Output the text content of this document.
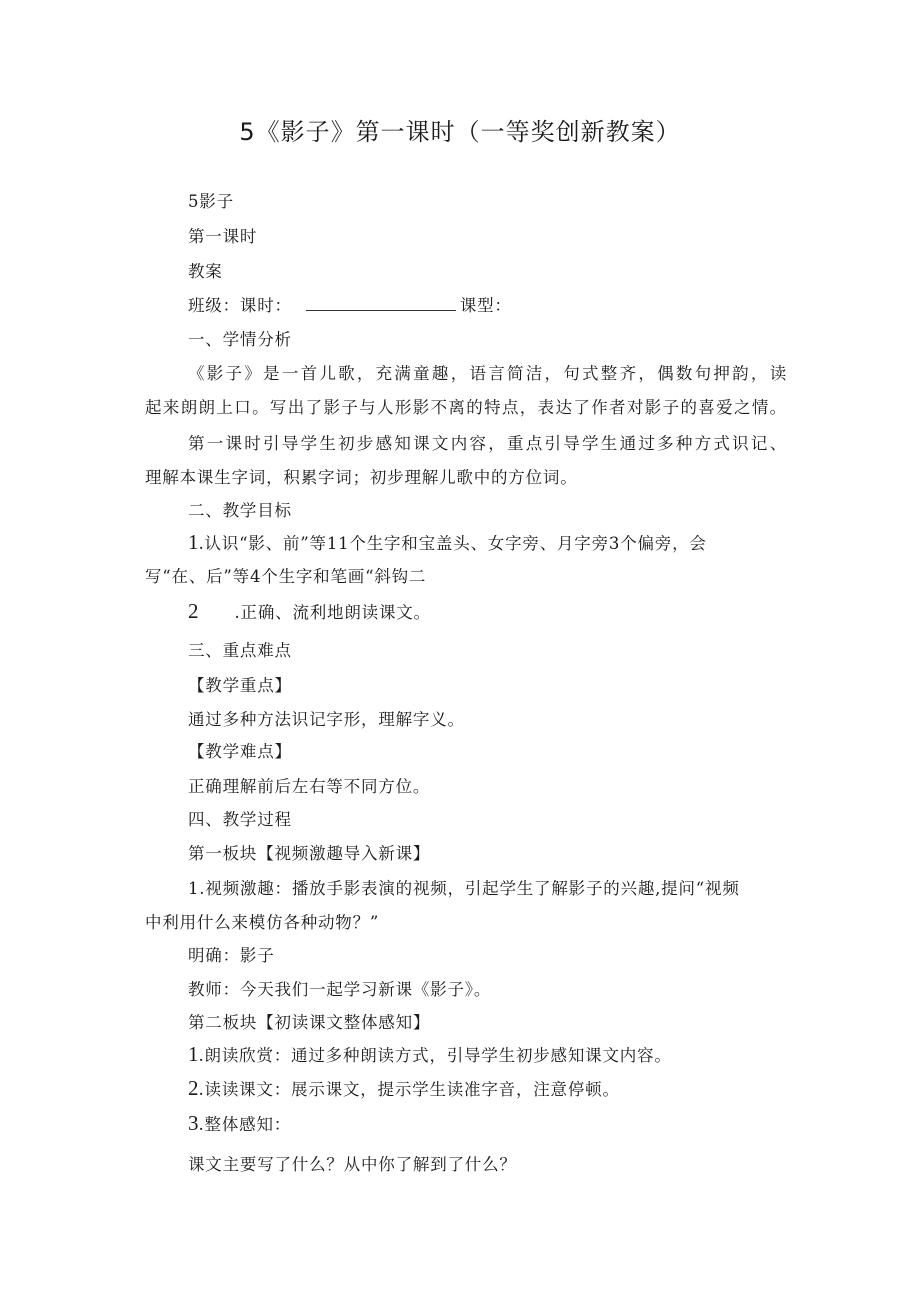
5《影子》第一课时（一等奖创新教案）
5影子
第一课时
教案
班级：课时：	课型：
一、学情分析
《影子》是一首儿歌，充满童趣，语言简洁，句式整齐，偶数句押韵，读
起来朗朗上口。写出了影子与人形影不离的特点，表达了作者对影子的喜爱之情。
第一课时引导学生初步感知课文内容，重点引导学生通过多种方式识记、
理解本课生字词，积累字词；初步理解儿歌中的方位词。
二、教学目标
1.认识“影、前”等11个生字和宝盖头、女字旁、月字旁3个偏旁，会
写“在、后”等4个生字和笔画“斜钩二
2 .正确、流利地朗读课文。
三、重点难点
【教学重点】
通过多种方法识记字形，理解字义。
【教学难点】
正确理解前后左右等不同方位。
四、教学过程
第一板块【视频激趣导入新课】
1.视频激趣：播放手影表演的视频，引起学生了解影子的兴趣,提问“视频
中利用什么来模仿各种动物？”
明确：影子
教师：今天我们一起学习新课《影子》。
第二板块【初读课文整体感知】
1.朗读欣赏：通过多种朗读方式，引导学生初步感知课文内容。
2.读读课文：展示课文，提示学生读准字音，注意停顿。
3.整体感知：
课文主要写了什么？从中你了解到了什么？
